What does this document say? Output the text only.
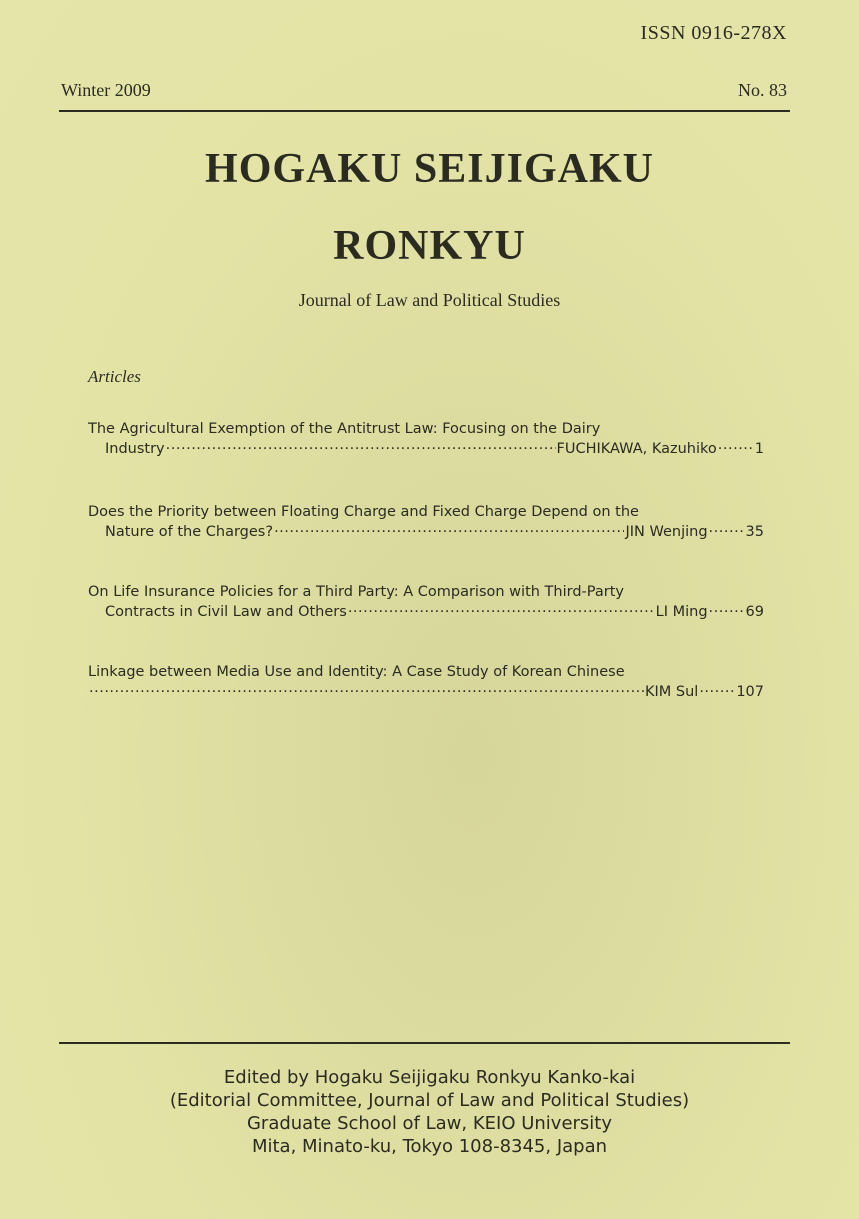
ISSN 0916-278X
Winter 2009	No. 83
HOGAKU SEIJIGAKU
RONKYU
Journal of Law and Political Studies
Articles
The Agricultural Exemption of the Antitrust Law: Focusing on the Dairy
Industry ·····	FUCHIKAWA, Kazuhiko ·····	1
Does the Priority between Floating Charge and Fixed Charge Depend on the
Nature of the Charges? ·····	JIN Wenjing ·····	35
On Life Insurance Policies for a Third Party: A Comparison with Third-Party
Contracts in Civil Law and Others ·····	LI Ming ·····	69
Linkage between Media Use and Identity: A Case Study of Korean Chinese
·····
KIM Sul ·····	107
Edited by Hogaku Seijigaku Ronkyu Kanko-kai
(Editorial Committee, Journal of Law and Political Studies)
Graduate School of Law, KEIO University
Mita, Minato-ku, Tokyo 108-8345, Japan
